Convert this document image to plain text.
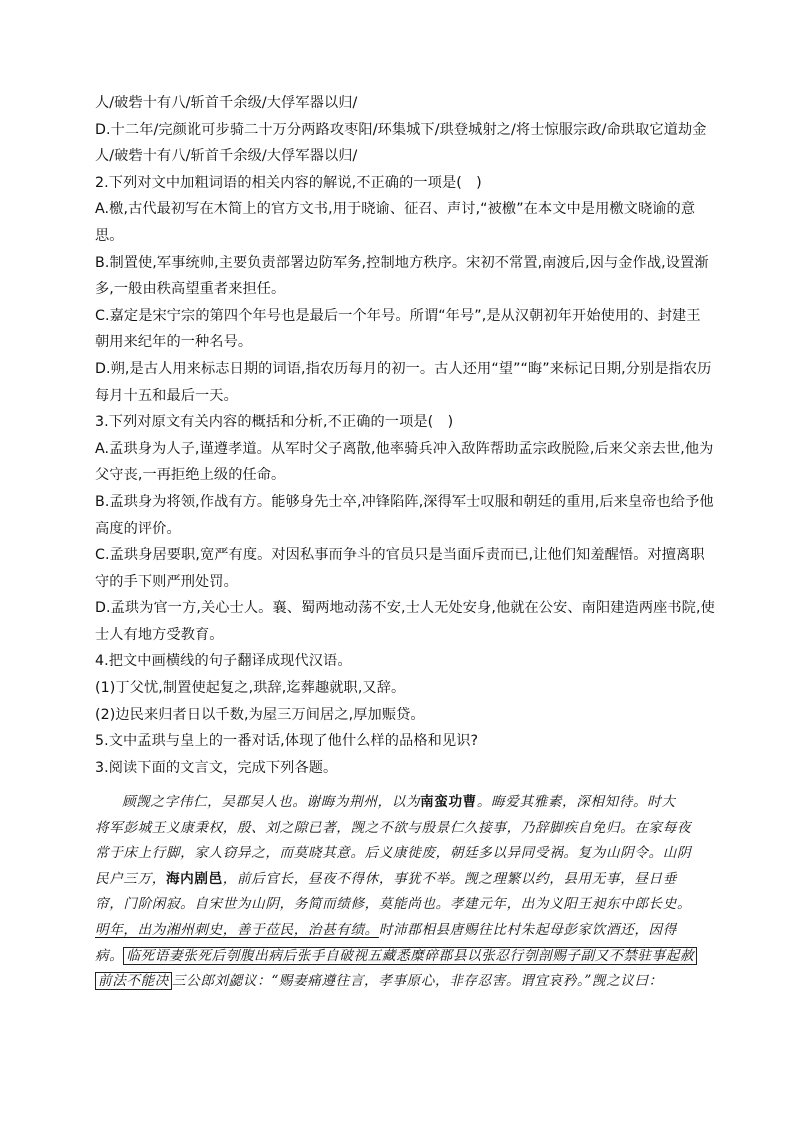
人/破砦十有八/斩首千余级/大俘军器以归/
D.十二年/完颜讹可步骑二十万分两路攻枣阳/环集城下/珙登城射之/将士惊服宗政/命珙取它道劫金
人/破砦十有八/斩首千余级/大俘军器以归/
2.下列对文中加粗词语的相关内容的解说,不正确的一项是(　)
A.檄,古代最初写在木简上的官方文书,用于晓谕、征召、声讨,“被檄”在本文中是用檄文晓谕的意
思。
B.制置使,军事统帅,主要负责部署边防军务,控制地方秩序。宋初不常置,南渡后,因与金作战,设置渐
多,一般由秩高望重者来担任。
C.嘉定是宋宁宗的第四个年号也是最后一个年号。所谓“年号”,是从汉朝初年开始使用的、封建王
朝用来纪年的一种名号。
D.朔,是古人用来标志日期的词语,指农历每月的初一。古人还用“望”“晦”来标记日期,分别是指农历
每月十五和最后一天。
3.下列对原文有关内容的概括和分析,不正确的一项是(　)
A.孟珙身为人子,谨遵孝道。从军时父子离散,他率骑兵冲入敌阵帮助孟宗政脱险,后来父亲去世,他为
父守丧,一再拒绝上级的任命。
B.孟珙身为将领,作战有方。能够身先士卒,冲锋陷阵,深得军士叹服和朝廷的重用,后来皇帝也给予他
高度的评价。
C.孟珙身居要职,宽严有度。对因私事而争斗的官员只是当面斥责而已,让他们知羞醒悟。对擅离职
守的手下则严刑处罚。
D.孟珙为官一方,关心士人。襄、蜀两地动荡不安,士人无处安身,他就在公安、南阳建造两座书院,使
士人有地方受教育。
4.把文中画横线的句子翻译成现代汉语。
(1)丁父忧,制置使起复之,珙辞,迄葬趣就职,又辞。
(2)边民来归者日以千数,为屋三万间居之,厚加赈贷。
5.文中孟珙与皇上的一番对话,体现了他什么样的品格和见识?
3.阅读下面的文言文，完成下列各题。
顾觊之字伟仁，吴郡吴人也。谢晦为荆州，以为南蛮功曹。晦爱其雅素，深相知待。时大
将军彭城王义康秉权，殷、刘之隙已著，觊之不欲与殷景仁久接事，乃辞脚疾自免归。在家每夜
常于床上行脚，家人窃异之，而莫晓其意。后义康徙废，朝廷多以异同受祸。复为山阴令。山阴
民户三万，海内剧邑，前后官长，昼夜不得休，事犹不举。觊之理繁以约，县用无事，昼日垂
帘，门阶闲寂。自宋世为山阴，务简而绩修，莫能尚也。孝建元年，出为义阳王昶东中郎长史。
明年，出为湘州刺史，善于莅民，治甚有绩。时沛郡相县唐赐往比村朱起母彭家饮酒还，因得
病。 临死语妻张死后刳腹出病后张手自破视五藏悉糜碎郡县以张忍行刳剖赐子副又不禁驻事起赦
前法不能决 三公郎刘勰议：“赐妻痛遵往言，孝事原心，非存忍害。谓宜哀矜。”觊之议曰：
